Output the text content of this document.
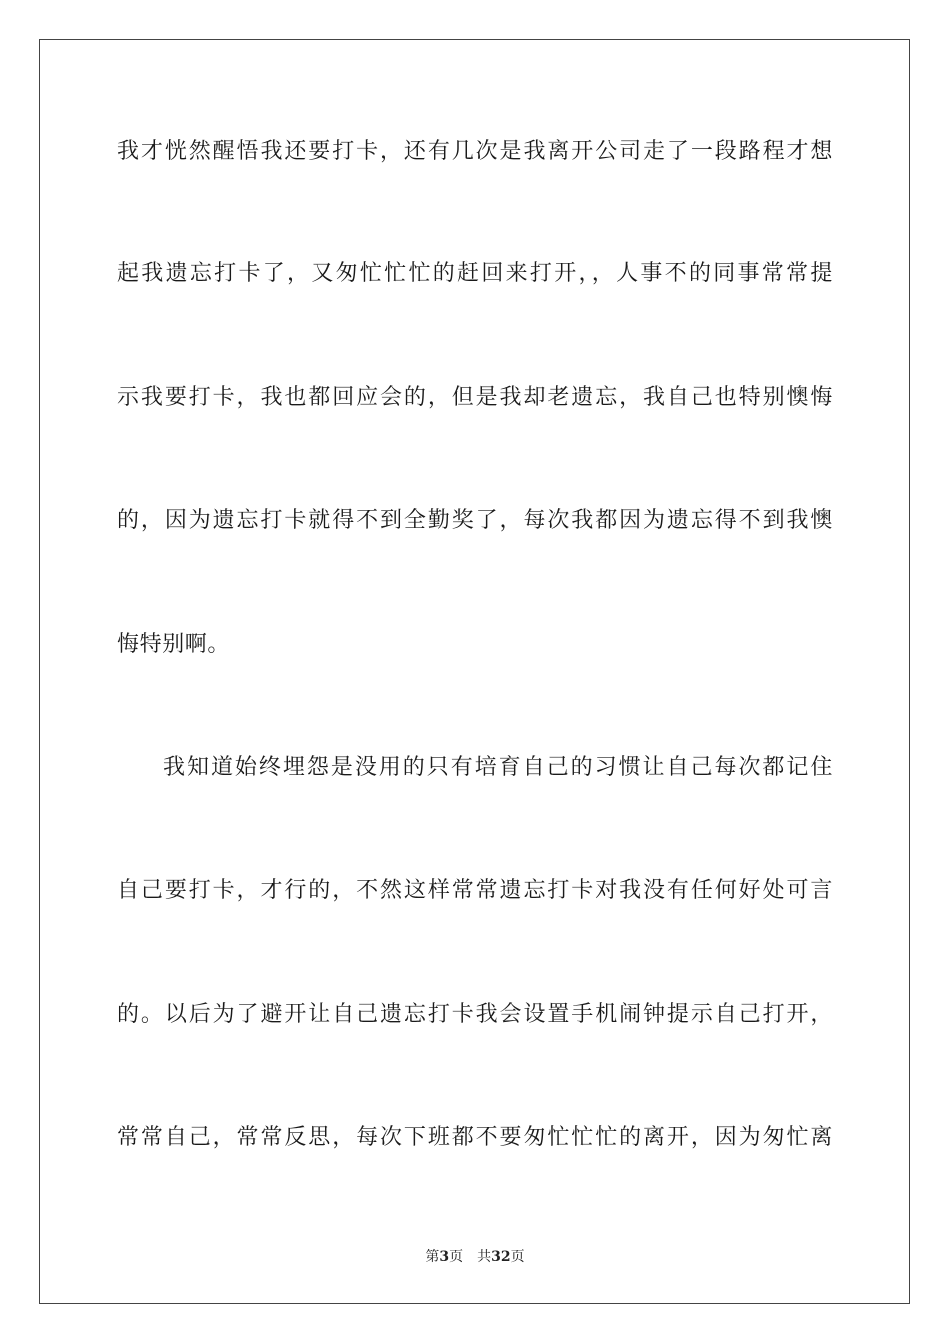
我才恍然醒悟我还要打卡，还有几次是我离开公司走了一段路程才想
起我遗忘打卡了，又匆忙忙忙的赶回来打开，，人事不的同事常常提
示我要打卡，我也都回应会的，但是我却老遗忘，我自己也特别懊悔
的，因为遗忘打卡就得不到全勤奖了，每次我都因为遗忘得不到我懊
悔特别啊。
我知道始终埋怨是没用的只有培育自己的习惯让自己每次都记住
自己要打卡，才行的，不然这样常常遗忘打卡对我没有任何好处可言
的。以后为了避开让自己遗忘打卡我会设置手机闹钟提示自己打开，
常常自己，常常反思，每次下班都不要匆忙忙忙的离开，因为匆忙离
第3页 共32页
